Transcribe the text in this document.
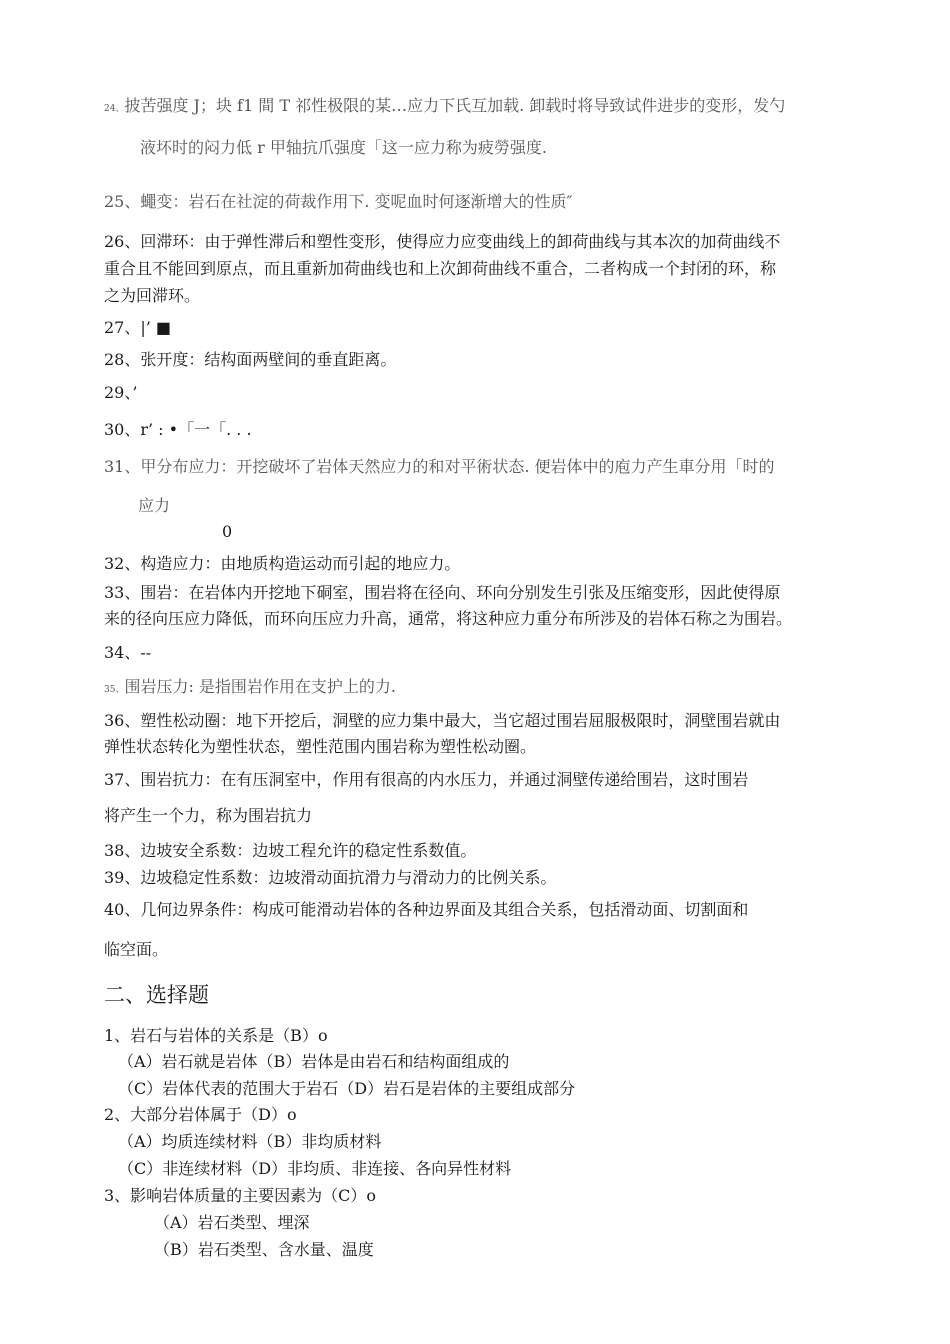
24、披苦强度 J；块 f1 間 T 祁性极限的某…应力下氏互加载. 卸载时将导致试件进步的变形，发勺
液坏时的闷力低 r 甲轴抗爪强度「这一应力称为疲勞强度.
25、蠅变：岩石在社淀的荷裁作用下. 变呢血时何逐渐增大的性质″
26、回滞环：由于弹性滞后和塑性变形，使得应力应变曲线上的卸荷曲线与其本次的加荷曲线不
重合且不能回到原点，而且重新加荷曲线也和上次卸荷曲线不重合，二者构成一个封闭的环，称
之为回滞环。
27、|’ ■
28、张开度：结构面两壁间的垂直距离。
29、’
30、r’ : •「一「. . .
31、甲分布应力：开挖破坏了岩体天然应力的和对平術状态. 便岩体中的庖力产生車分用「时的
应力
0
32、构造应力：由地质构造运动而引起的地应力。
33、围岩：在岩体内开挖地下硐室，围岩将在径向、环向分别发生引张及压缩变形，因此使得原
来的径向压应力降低，而环向压应力升高，通常，将这种应力重分布所涉及的岩体石称之为围岩。
34、--
35、围岩压力: 是指围岩作用在支护上的力.
36、塑性松动圈：地下开挖后，洞壁的应力集中最大，当它超过围岩屈服极限时，洞壁围岩就由
弹性状态转化为塑性状态，塑性范围内围岩称为塑性松动圈。
37、围岩抗力：在有压洞室中，作用有很高的内水压力，并通过洞壁传递给围岩，这时围岩
将产生一个力，称为围岩抗力
38、边坡安全系数：边坡工程允许的稳定性系数值。
39、边坡稳定性系数：边坡滑动面抗滑力与滑动力的比例关系。
40、几何边界条件：构成可能滑动岩体的各种边界面及其组合关系，包括滑动面、切割面和
临空面。
二、选择题
1、岩石与岩体的关系是（B）o
（A）岩石就是岩体（B）岩体是由岩石和结构面组成的
（C）岩体代表的范围大于岩石（D）岩石是岩体的主要组成部分
2、大部分岩体属于（D）o
（A）均质连续材料（B）非均质材料
（C）非连续材料（D）非均质、非连接、各向异性材料
3、影响岩体质量的主要因素为（C）o
（A）岩石类型、埋深
（B）岩石类型、含水量、温度
